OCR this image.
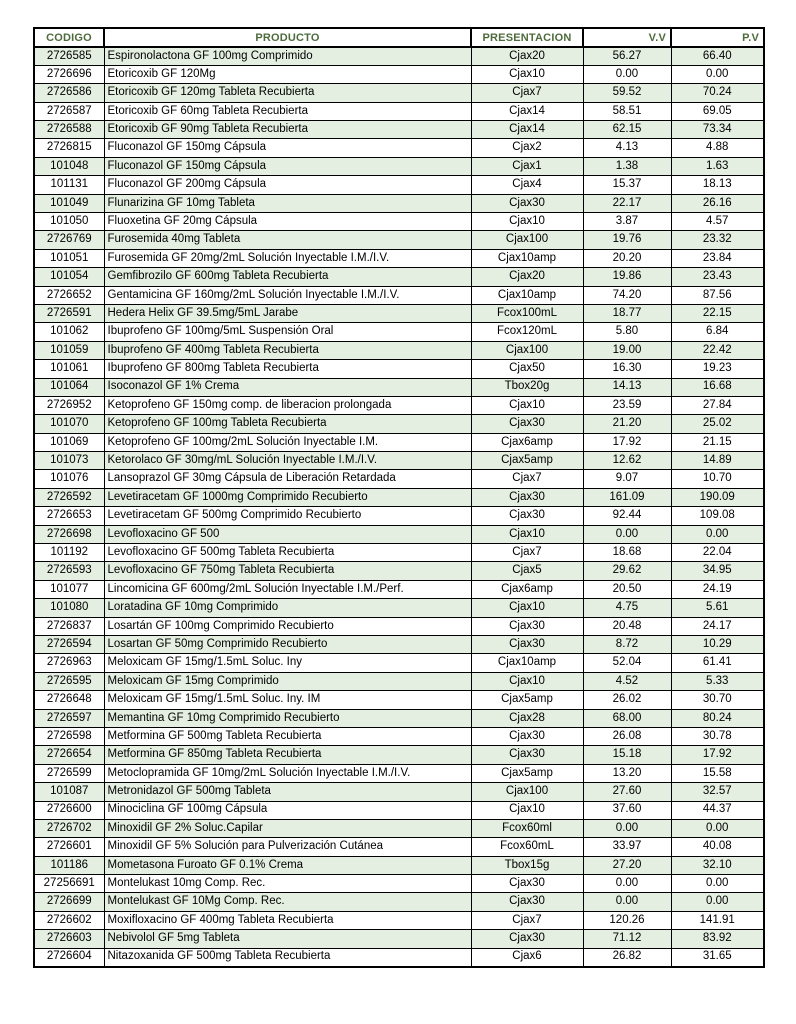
CODIGO	PRODUCTO	PRESENTACION	V.V	P.V
2726585	Espironolactona GF 100mg Comprimido	Cjax20	56.27	66.40
2726696	Etoricoxib GF 120Mg	Cjax10	0.00	0.00
2726586	Etoricoxib GF 120mg Tableta Recubierta	Cjax7	59.52	70.24
2726587	Etoricoxib GF 60mg Tableta Recubierta	Cjax14	58.51	69.05
2726588	Etoricoxib GF 90mg Tableta Recubierta	Cjax14	62.15	73.34
2726815	Fluconazol GF 150mg Cápsula	Cjax2	4.13	4.88
101048	Fluconazol GF 150mg Cápsula	Cjax1	1.38	1.63
101131	Fluconazol GF 200mg Cápsula	Cjax4	15.37	18.13
101049	Flunarizina GF 10mg Tableta	Cjax30	22.17	26.16
101050	Fluoxetina GF 20mg Cápsula	Cjax10	3.87	4.57
2726769	Furosemida 40mg Tableta	Cjax100	19.76	23.32
101051	Furosemida GF 20mg/2mL Solución Inyectable I.M./I.V.	Cjax10amp	20.20	23.84
101054	Gemfibrozilo GF 600mg Tableta Recubierta	Cjax20	19.86	23.43
2726652	Gentamicina GF 160mg/2mL Solución Inyectable I.M./I.V.	Cjax10amp	74.20	87.56
2726591	Hedera Helix GF 39.5mg/5mL Jarabe	Fcox100mL	18.77	22.15
101062	Ibuprofeno GF 100mg/5mL Suspensión Oral	Fcox120mL	5.80	6.84
101059	Ibuprofeno GF 400mg Tableta Recubierta	Cjax100	19.00	22.42
101061	Ibuprofeno GF 800mg Tableta Recubierta	Cjax50	16.30	19.23
101064	Isoconazol GF 1% Crema	Tbox20g	14.13	16.68
2726952	Ketoprofeno GF 150mg comp. de liberacion prolongada	Cjax10	23.59	27.84
101070	Ketoprofeno GF 100mg Tableta Recubierta	Cjax30	21.20	25.02
101069	Ketoprofeno GF 100mg/2mL Solución Inyectable I.M.	Cjax6amp	17.92	21.15
101073	Ketorolaco GF 30mg/mL Solución Inyectable I.M./I.V.	Cjax5amp	12.62	14.89
101076	Lansoprazol GF 30mg Cápsula de Liberación Retardada	Cjax7	9.07	10.70
2726592	Levetiracetam GF 1000mg Comprimido Recubierto	Cjax30	161.09	190.09
2726653	Levetiracetam GF 500mg Comprimido Recubierto	Cjax30	92.44	109.08
2726698	Levofloxacino GF 500	Cjax10	0.00	0.00
101192	Levofloxacino GF 500mg Tableta Recubierta	Cjax7	18.68	22.04
2726593	Levofloxacino GF 750mg Tableta Recubierta	Cjax5	29.62	34.95
101077	Lincomicina GF 600mg/2mL Solución Inyectable I.M./Perf.	Cjax6amp	20.50	24.19
101080	Loratadina GF 10mg Comprimido	Cjax10	4.75	5.61
2726837	Losartán GF 100mg Comprimido Recubierto	Cjax30	20.48	24.17
2726594	Losartan GF 50mg Comprimido Recubierto	Cjax30	8.72	10.29
2726963	Meloxicam GF 15mg/1.5mL Soluc. Iny	Cjax10amp	52.04	61.41
2726595	Meloxicam GF 15mg Comprimido	Cjax10	4.52	5.33
2726648	Meloxicam GF 15mg/1.5mL Soluc. Iny. IM	Cjax5amp	26.02	30.70
2726597	Memantina GF 10mg Comprimido Recubierto	Cjax28	68.00	80.24
2726598	Metformina GF 500mg Tableta Recubierta	Cjax30	26.08	30.78
2726654	Metformina GF 850mg Tableta Recubierta	Cjax30	15.18	17.92
2726599	Metoclopramida GF 10mg/2mL Solución Inyectable I.M./I.V.	Cjax5amp	13.20	15.58
101087	Metronidazol GF 500mg Tableta	Cjax100	27.60	32.57
2726600	Minociclina GF 100mg Cápsula	Cjax10	37.60	44.37
2726702	Minoxidil GF 2% Soluc.Capilar	Fcox60ml	0.00	0.00
2726601	Minoxidil GF 5% Solución para Pulverización Cutánea	Fcox60mL	33.97	40.08
101186	Mometasona Furoato GF 0.1% Crema	Tbox15g	27.20	32.10
27256691	Montelukast 10mg Comp. Rec.	Cjax30	0.00	0.00
2726699	Montelukast GF 10Mg Comp. Rec.	Cjax30	0.00	0.00
2726602	Moxifloxacino GF 400mg Tableta Recubierta	Cjax7	120.26	141.91
2726603	Nebivolol GF 5mg Tableta	Cjax30	71.12	83.92
2726604	Nitazoxanida GF 500mg Tableta Recubierta	Cjax6	26.82	31.65
